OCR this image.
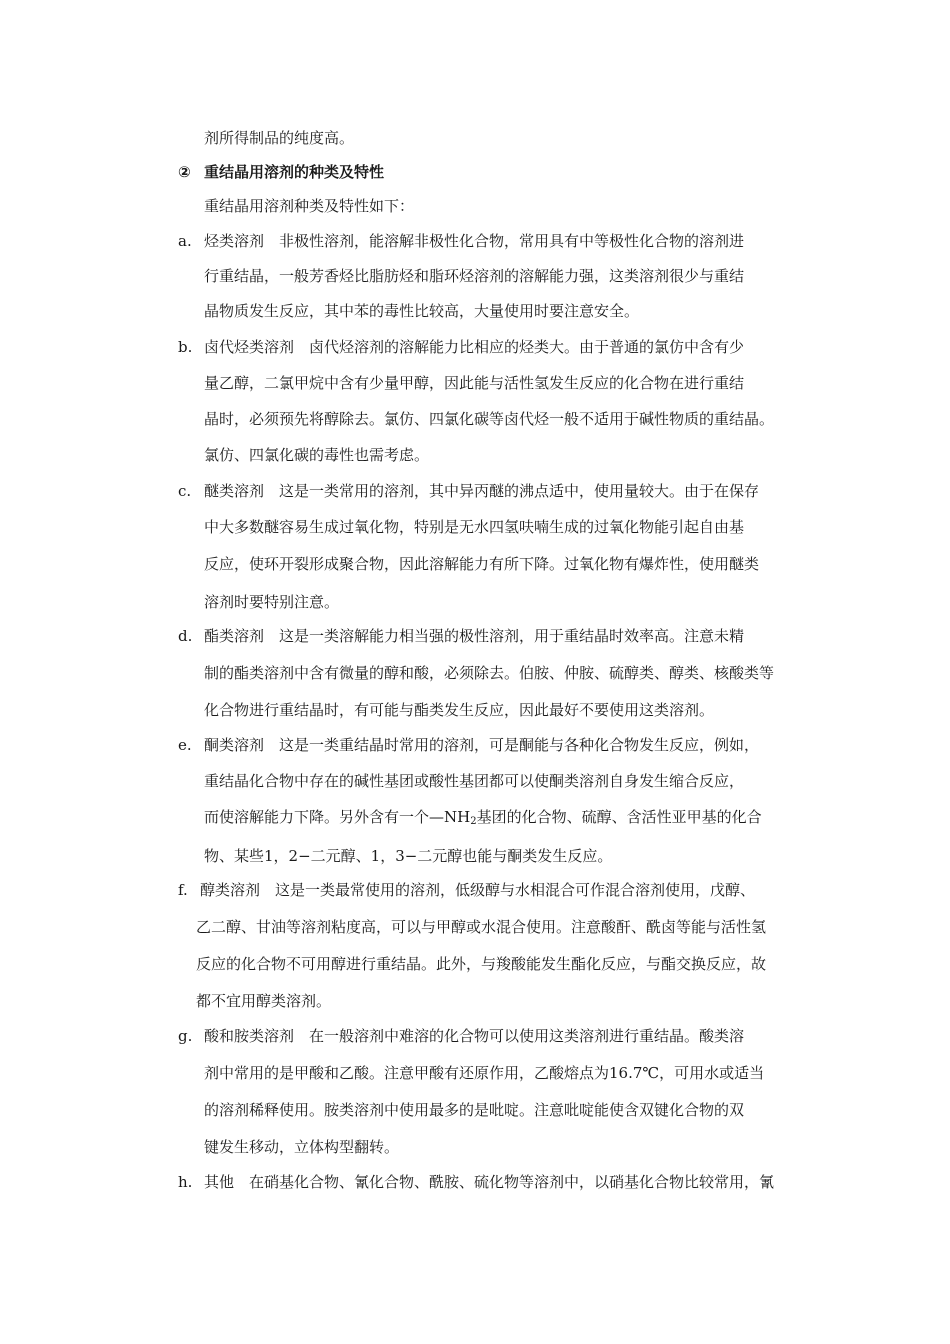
剂所得制品的纯度高。
② 重结晶用溶剂的种类及特性
重结晶用溶剂种类及特性如下：
a. 烃类溶剂　非极性溶剂，能溶解非极性化合物，常用具有中等极性化合物的溶剂进
行重结晶，一般芳香烃比脂肪烃和脂环烃溶剂的溶解能力强，这类溶剂很少与重结
晶物质发生反应，其中苯的毒性比较高，大量使用时要注意安全。
b. 卤代烃类溶剂　卤代烃溶剂的溶解能力比相应的烃类大。由于普通的氯仿中含有少
量乙醇，二氯甲烷中含有少量甲醇，因此能与活性氢发生反应的化合物在进行重结
晶时，必须预先将醇除去。氯仿、四氯化碳等卤代烃一般不适用于碱性物质的重结晶。
氯仿、四氯化碳的毒性也需考虑。
c. 醚类溶剂　这是一类常用的溶剂，其中异丙醚的沸点适中，使用量较大。由于在保存
中大多数醚容易生成过氧化物，特别是无水四氢呋喃生成的过氧化物能引起自由基
反应，使环开裂形成聚合物，因此溶解能力有所下降。过氧化物有爆炸性，使用醚类
溶剂时要特别注意。
d. 酯类溶剂　这是一类溶解能力相当强的极性溶剂，用于重结晶时效率高。注意未精
制的酯类溶剂中含有微量的醇和酸，必须除去。伯胺、仲胺、硫醇类、醇类、核酸类等
化合物进行重结晶时，有可能与酯类发生反应，因此最好不要使用这类溶剂。
e. 酮类溶剂　这是一类重结晶时常用的溶剂，可是酮能与各种化合物发生反应，例如，
重结晶化合物中存在的碱性基团或酸性基团都可以使酮类溶剂自身发生缩合反应，
而使溶解能力下降。另外含有一个$—NH_2$基团的化合物、硫醇、含活性亚甲基的化合
物、某些1，2−二元醇、1，3−二元醇也能与酮类发生反应。
f. 醇类溶剂　这是一类最常使用的溶剂，低级醇与水相混合可作混合溶剂使用，戊醇、
乙二醇、甘油等溶剂粘度高，可以与甲醇或水混合使用。注意酸酐、酰卤等能与活性氢
反应的化合物不可用醇进行重结晶。此外，与羧酸能发生酯化反应，与酯交换反应，故
都不宜用醇类溶剂。
g. 酸和胺类溶剂　在一般溶剂中难溶的化合物可以使用这类溶剂进行重结晶。酸类溶
剂中常用的是甲酸和乙酸。注意甲酸有还原作用，乙酸熔点为16.7℃，可用水或适当
的溶剂稀释使用。胺类溶剂中使用最多的是吡啶。注意吡啶能使含双键化合物的双
键发生移动，立体构型翻转。
h. 其他　在硝基化合物、氰化合物、酰胺、硫化物等溶剂中，以硝基化合物比较常用，氰
